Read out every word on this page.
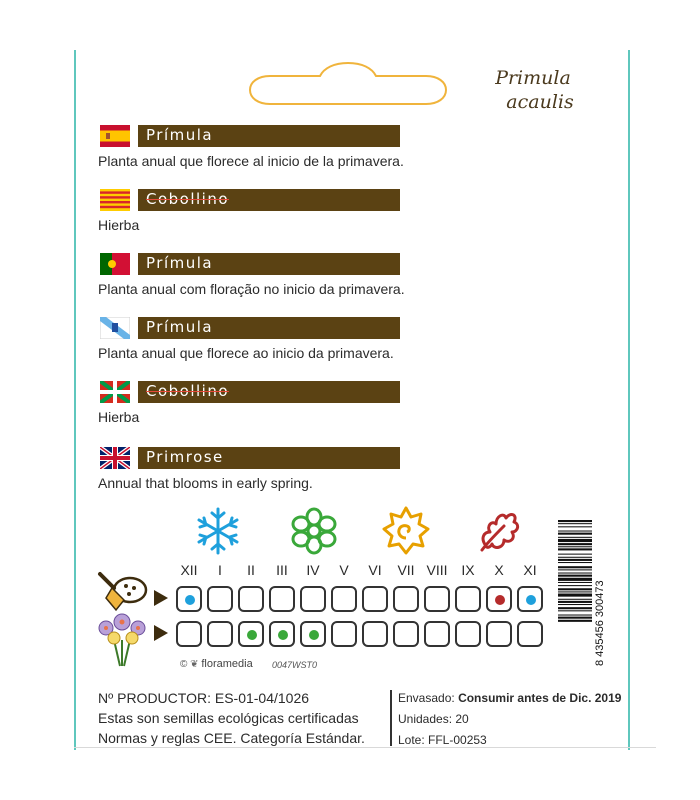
Primula
acaulis
Prímula
Planta anual que florece al inicio de la primavera.
Cobollino
Hierba
Prímula
Planta anual com floração no inicio da primavera.
Prímula
Planta anual que florece ao inicio da primavera.
Cobollino
Hierba
Primrose
Annual that blooms in early spring.
XII	I	II	III	IV	V	VI	VII VIII IX	X	XI
© ❦ floramedia 0047WST0	8 435456 300473
Nº PRODUCTOR: ES-01-04/1026
Estas son semillas ecológicas certificadas
Normas y reglas CEE. Categoría Estándar.
Envasado: Consumir antes de Dic. 2019
Unidades: 20
Lote: FFL-00253
